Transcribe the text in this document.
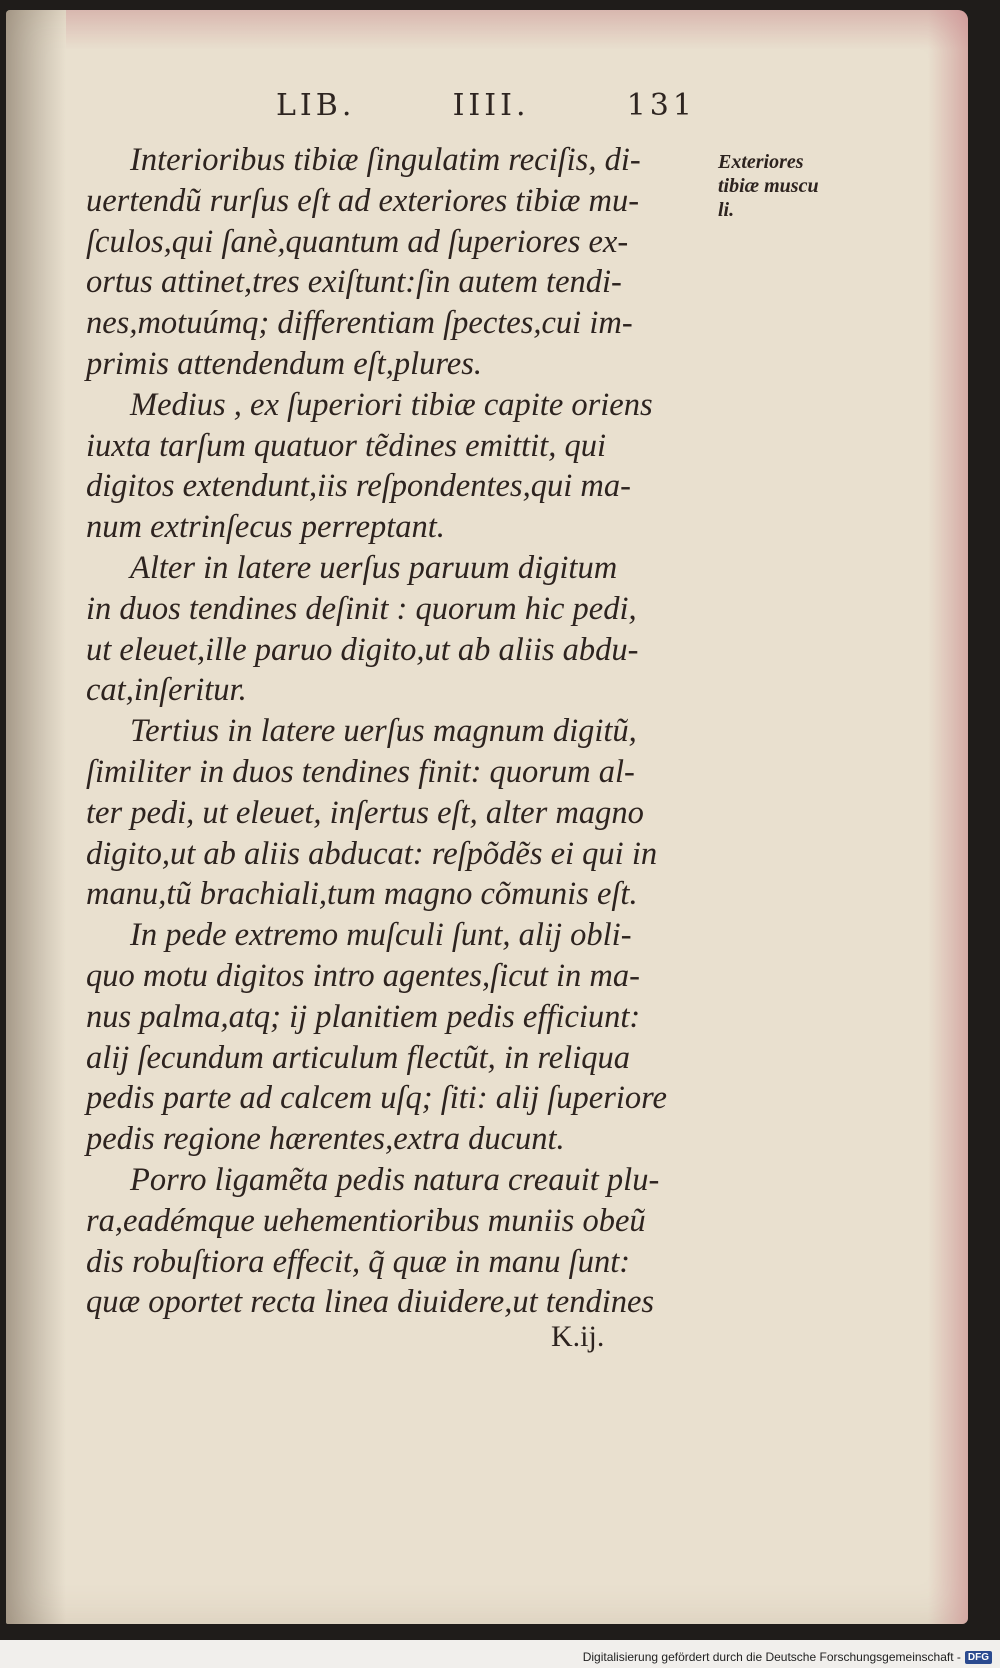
LIB.	IIII.	131
Interioribus tibiæ ſingulatim reciſis, di-
uertendũ rurſus eſt ad exteriores tibiæ mu-
ſculos,qui ſanè,quantum ad ſuperiores ex-
ortus attinet,tres exiſtunt:ſin autem tendi-
nes,motuúmq; differentiam ſpectes,cui im-
primis attendendum eſt,plures.
Medius , ex ſuperiori tibiæ capite oriens
iuxta tarſum quatuor tẽdines emittit, qui
digitos extendunt,iis reſpondentes,qui ma-
num extrinſecus perreptant.
Alter in latere uerſus paruum digitum
in duos tendines deſinit : quorum hic pedi,
ut eleuet,ille paruo digito,ut ab aliis abdu-
cat,inſeritur.
Tertius in latere uerſus magnum digitũ,
ſimiliter in duos tendines finit: quorum al-
ter pedi, ut eleuet, inſertus eſt, alter magno
digito,ut ab aliis abducat: reſpõdẽs ei qui in
manu,tũ brachiali,tum magno cõmunis eſt.
In pede extremo muſculi ſunt, alij obli-
quo motu digitos intro agentes,ſicut in ma-
nus palma,atq; ij planitiem pedis efficiunt:
alij ſecundum articulum flectũt, in reliqua
pedis parte ad calcem uſq; ſiti: alij ſuperiore
pedis regione hærentes,extra ducunt.
Porro ligamẽta pedis natura creauit plu-
ra,eadémque uehementioribus muniis obeũ
dis robuſtiora effecit, q̃ quæ in manu ſunt:
quæ oportet recta linea diuidere,ut tendines
Exteriores
tibiæ muscu
li.
K.ij.
Digitalisierung gefördert durch die Deutsche Forschungsgemeinschaft - DFG
